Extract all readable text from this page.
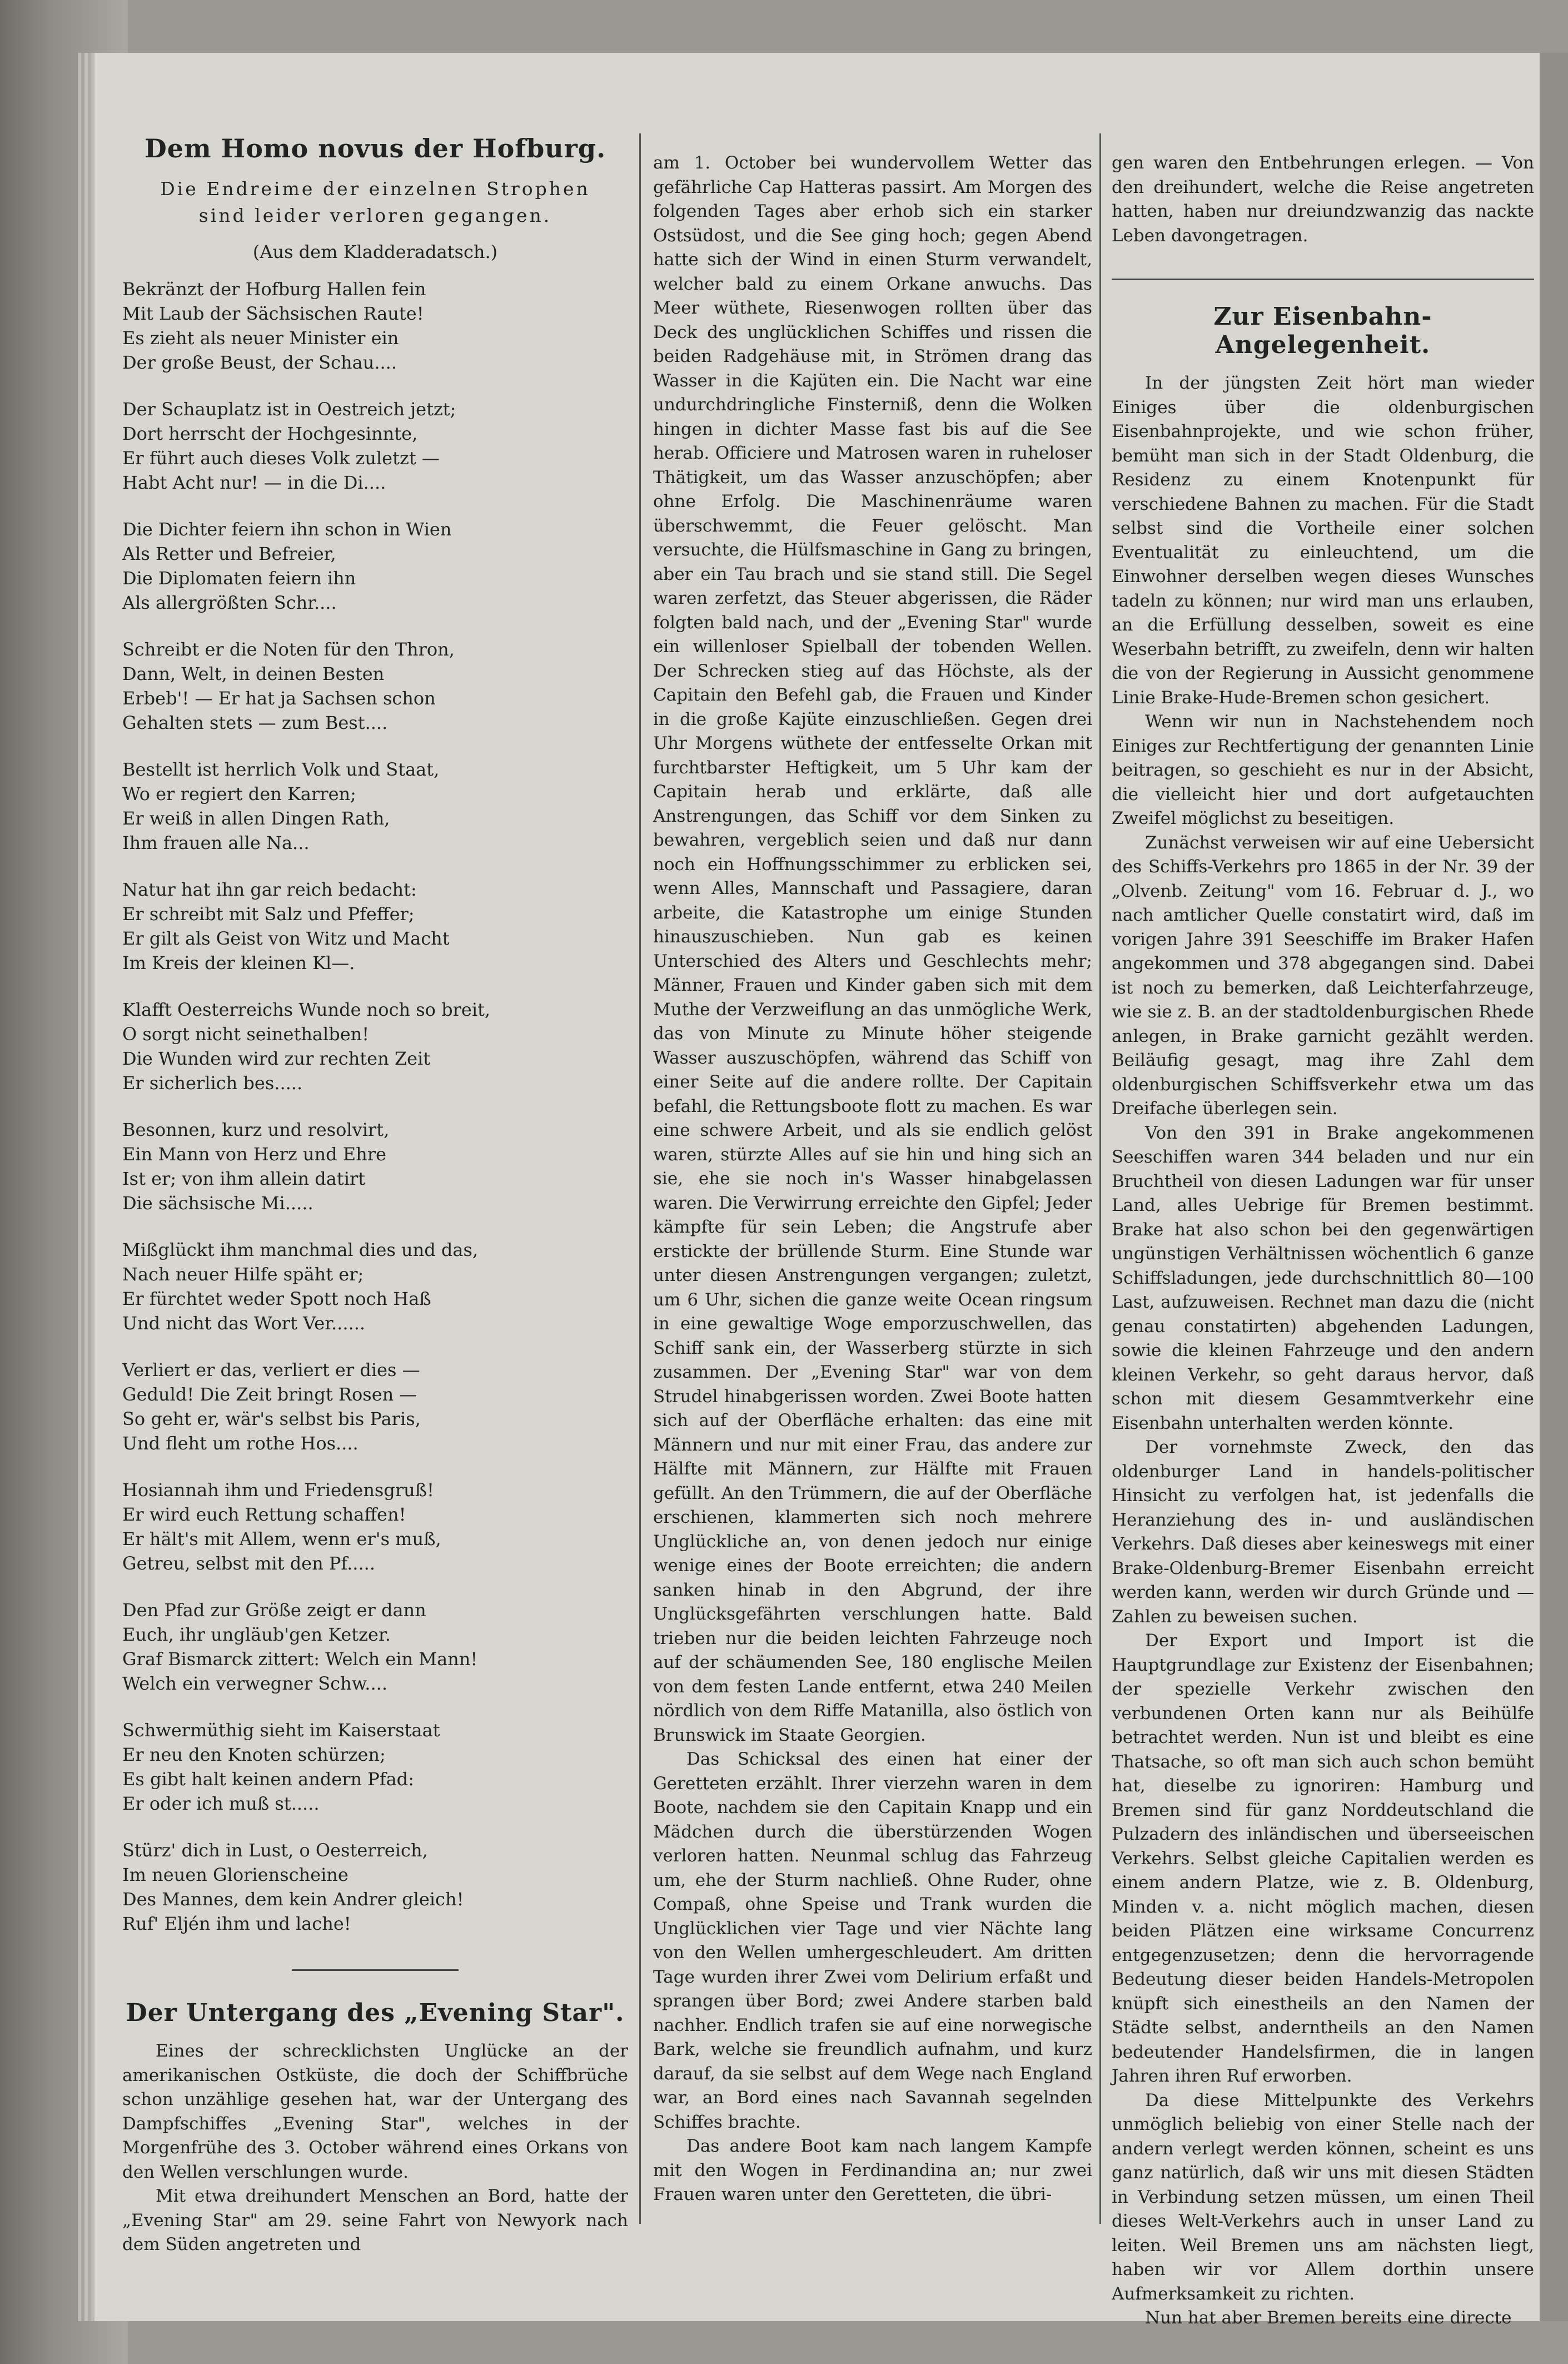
Dem Homo novus der Hofburg.

Die Endreime der einzelnen Strophen

sind leider verloren gegangen.

(Aus dem Kladderadatsch.)

Bekränzt der Hofburg Hallen fein
Mit Laub der Sächsischen Raute!
Es zieht als neuer Minister ein
Der große Beust, der Schau....
Der Schauplatz ist in Oestreich jetzt;
Dort herrscht der Hochgesinnte,
Er führt auch dieses Volk zuletzt —
Habt Acht nur! — in die Di....
Die Dichter feiern ihn schon in Wien
Als Retter und Befreier,
Die Diplomaten feiern ihn
Als allergrößten Schr....
Schreibt er die Noten für den Thron,
Dann, Welt, in deinen Besten
Erbeb'! — Er hat ja Sachsen schon
Gehalten stets — zum Best....
Bestellt ist herrlich Volk und Staat,
Wo er regiert den Karren;
Er weiß in allen Dingen Rath,
Ihm frauen alle Na...
Natur hat ihn gar reich bedacht:
Er schreibt mit Salz und Pfeffer;
Er gilt als Geist von Witz und Macht
Im Kreis der kleinen Kl—.
Klafft Oesterreichs Wunde noch so breit,
O sorgt nicht seinethalben!
Die Wunden wird zur rechten Zeit
Er sicherlich bes.....
Besonnen, kurz und resolvirt,
Ein Mann von Herz und Ehre
Ist er; von ihm allein datirt
Die sächsische Mi.....
Mißglückt ihm manchmal dies und das,
Nach neuer Hilfe späht er;
Er fürchtet weder Spott noch Haß
Und nicht das Wort Ver......
Verliert er das, verliert er dies —
Geduld! Die Zeit bringt Rosen —
So geht er, wär's selbst bis Paris,
Und fleht um rothe Hos....
Hosiannah ihm und Friedensgruß!
Er wird euch Rettung schaffen!
Er hält's mit Allem, wenn er's muß,
Getreu, selbst mit den Pf.....
Den Pfad zur Größe zeigt er dann
Euch, ihr ungläub'gen Ketzer.
Graf Bismarck zittert: Welch ein Mann!
Welch ein verwegner Schw....
Schwermüthig sieht im Kaiserstaat
Er neu den Knoten schürzen;
Es gibt halt keinen andern Pfad:
Er oder ich muß st.....
Stürz' dich in Lust, o Oesterreich,
Im neuen Glorienscheine
Des Mannes, dem kein Andrer gleich!
Ruf' Eljén ihm und lache!
Der Untergang des „Evening Star".

Eines der schrecklichsten Unglücke an der amerikanischen Ostküste, die doch der Schiffbrüche schon unzählige gesehen hat, war der Untergang des Dampfschiffes „Evening Star", welches in der Morgenfrühe des 3. October während eines Orkans von den Wellen verschlungen wurde.

Mit etwa dreihundert Menschen an Bord, hatte der „Evening Star" am 29. seine Fahrt von Newyork nach dem Süden angetreten und

am 1. October bei wundervollem Wetter das gefährliche Cap Hatteras passirt. Am Morgen des folgenden Tages aber erhob sich ein starker Ostsüdost, und die See ging hoch; gegen Abend hatte sich der Wind in einen Sturm verwandelt, welcher bald zu einem Orkane anwuchs. Das Meer wüthete, Riesenwogen rollten über das Deck des unglücklichen Schiffes und rissen die beiden Radgehäuse mit, in Strömen drang das Wasser in die Kajüten ein. Die Nacht war eine undurchdringliche Finsterniß, denn die Wolken hingen in dichter Masse fast bis auf die See herab. Officiere und Matrosen waren in ruheloser Thätigkeit, um das Wasser anzuschöpfen; aber ohne Erfolg. Die Maschinenräume waren überschwemmt, die Feuer gelöscht. Man versuchte, die Hülfsmaschine in Gang zu bringen, aber ein Tau brach und sie stand still. Die Segel waren zerfetzt, das Steuer abgerissen, die Räder folgten bald nach, und der „Evening Star" wurde ein willenloser Spielball der tobenden Wellen. Der Schrecken stieg auf das Höchste, als der Capitain den Befehl gab, die Frauen und Kinder in die große Kajüte einzuschließen. Gegen drei Uhr Morgens wüthete der entfesselte Orkan mit furchtbarster Heftigkeit, um 5 Uhr kam der Capitain herab und erklärte, daß alle Anstrengungen, das Schiff vor dem Sinken zu bewahren, vergeblich seien und daß nur dann noch ein Hoffnungsschimmer zu erblicken sei, wenn Alles, Mannschaft und Passagiere, daran arbeite, die Katastrophe um einige Stunden hinauszuschieben. Nun gab es keinen Unterschied des Alters und Geschlechts mehr; Männer, Frauen und Kinder gaben sich mit dem Muthe der Verzweiflung an das unmögliche Werk, das von Minute zu Minute höher steigende Wasser auszuschöpfen, während das Schiff von einer Seite auf die andere rollte. Der Capitain befahl, die Rettungsboote flott zu machen. Es war eine schwere Arbeit, und als sie endlich gelöst waren, stürzte Alles auf sie hin und hing sich an sie, ehe sie noch in's Wasser hinabgelassen waren. Die Verwirrung erreichte den Gipfel; Jeder kämpfte für sein Leben; die Angstrufe aber erstickte der brüllende Sturm. Eine Stunde war unter diesen Anstrengungen vergangen; zuletzt, um 6 Uhr, sichen die ganze weite Ocean ringsum in eine gewaltige Woge emporzuschwellen, das Schiff sank ein, der Wasserberg stürzte in sich zusammen. Der „Evening Star" war von dem Strudel hinabgerissen worden. Zwei Boote hatten sich auf der Oberfläche erhalten: das eine mit Männern und nur mit einer Frau, das andere zur Hälfte mit Männern, zur Hälfte mit Frauen gefüllt. An den Trümmern, die auf der Oberfläche erschienen, klammerten sich noch mehrere Unglückliche an, von denen jedoch nur einige wenige eines der Boote erreichten; die andern sanken hinab in den Abgrund, der ihre Unglücksgefährten verschlungen hatte. Bald trieben nur die beiden leichten Fahrzeuge noch auf der schäumenden See, 180 englische Meilen von dem festen Lande entfernt, etwa 240 Meilen nördlich von dem Riffe Matanilla, also östlich von Brunswick im Staate Georgien.

Das Schicksal des einen hat einer der Geretteten erzählt. Ihrer vierzehn waren in dem Boote, nachdem sie den Capitain Knapp und ein Mädchen durch die überstürzenden Wogen verloren hatten. Neunmal schlug das Fahrzeug um, ehe der Sturm nachließ. Ohne Ruder, ohne Compaß, ohne Speise und Trank wurden die Unglücklichen vier Tage und vier Nächte lang von den Wellen umhergeschleudert. Am dritten Tage wurden ihrer Zwei vom Delirium erfaßt und sprangen über Bord; zwei Andere starben bald nachher. Endlich trafen sie auf eine norwegische Bark, welche sie freundlich aufnahm, und kurz darauf, da sie selbst auf dem Wege nach England war, an Bord eines nach Savannah segelnden Schiffes brachte.

Das andere Boot kam nach langem Kampfe mit den Wogen in Ferdinandina an; nur zwei Frauen waren unter den Geretteten, die übri-

gen waren den Entbehrungen erlegen. — Von den dreihundert, welche die Reise angetreten hatten, haben nur dreiundzwanzig das nackte Leben davongetragen.

Zur Eisenbahn-Angelegenheit.

In der jüngsten Zeit hört man wieder Einiges über die oldenburgischen Eisenbahnprojekte, und wie schon früher, bemüht man sich in der Stadt Oldenburg, die Residenz zu einem Knotenpunkt für verschiedene Bahnen zu machen. Für die Stadt selbst sind die Vortheile einer solchen Eventualität zu einleuchtend, um die Einwohner derselben wegen dieses Wunsches tadeln zu können; nur wird man uns erlauben, an die Erfüllung desselben, soweit es eine Weserbahn betrifft, zu zweifeln, denn wir halten die von der Regierung in Aussicht genommene Linie Brake-Hude-Bremen schon gesichert.

Wenn wir nun in Nachstehendem noch Einiges zur Rechtfertigung der genannten Linie beitragen, so geschieht es nur in der Absicht, die vielleicht hier und dort aufgetauchten Zweifel möglichst zu beseitigen.

Zunächst verweisen wir auf eine Uebersicht des Schiffs-Verkehrs pro 1865 in der Nr. 39 der „Olvenb. Zeitung" vom 16. Februar d. J., wo nach amtlicher Quelle constatirt wird, daß im vorigen Jahre 391 Seeschiffe im Braker Hafen angekommen und 378 abgegangen sind. Dabei ist noch zu bemerken, daß Leichterfahrzeuge, wie sie z. B. an der stadtoldenburgischen Rhede anlegen, in Brake garnicht gezählt werden. Beiläufig gesagt, mag ihre Zahl dem oldenburgischen Schiffsverkehr etwa um das Dreifache überlegen sein.

Von den 391 in Brake angekommenen Seeschiffen waren 344 beladen und nur ein Bruchtheil von diesen Ladungen war für unser Land, alles Uebrige für Bremen bestimmt. Brake hat also schon bei den gegenwärtigen ungünstigen Verhältnissen wöchentlich 6 ganze Schiffsladungen, jede durchschnittlich 80—100 Last, aufzuweisen. Rechnet man dazu die (nicht genau constatirten) abgehenden Ladungen, sowie die kleinen Fahrzeuge und den andern kleinen Verkehr, so geht daraus hervor, daß schon mit diesem Gesammtverkehr eine Eisenbahn unterhalten werden könnte.

Der vornehmste Zweck, den das oldenburger Land in handels-politischer Hinsicht zu verfolgen hat, ist jedenfalls die Heranziehung des in- und ausländischen Verkehrs. Daß dieses aber keineswegs mit einer Brake-Oldenburg-Bremer Eisenbahn erreicht werden kann, werden wir durch Gründe und — Zahlen zu beweisen suchen.

Der Export und Import ist die Hauptgrundlage zur Existenz der Eisenbahnen; der spezielle Verkehr zwischen den verbundenen Orten kann nur als Beihülfe betrachtet werden. Nun ist und bleibt es eine Thatsache, so oft man sich auch schon bemüht hat, dieselbe zu ignoriren: Hamburg und Bremen sind für ganz Norddeutschland die Pulzadern des inländischen und überseeischen Verkehrs. Selbst gleiche Capitalien werden es einem andern Platze, wie z. B. Oldenburg, Minden v. a. nicht möglich machen, diesen beiden Plätzen eine wirksame Concurrenz entgegenzusetzen; denn die hervorragende Bedeutung dieser beiden Handels-Metropolen knüpft sich einestheils an den Namen der Städte selbst, anderntheils an den Namen bedeutender Handelsfirmen, die in langen Jahren ihren Ruf erworben.

Da diese Mittelpunkte des Verkehrs unmöglich beliebig von einer Stelle nach der andern verlegt werden können, scheint es uns ganz natürlich, daß wir uns mit diesen Städten in Verbindung setzen müssen, um einen Theil dieses Welt-Verkehrs auch in unser Land zu leiten. Weil Bremen uns am nächsten liegt, haben wir vor Allem dorthin unsere Aufmerksamkeit zu richten.

Nun hat aber Bremen bereits eine directe
